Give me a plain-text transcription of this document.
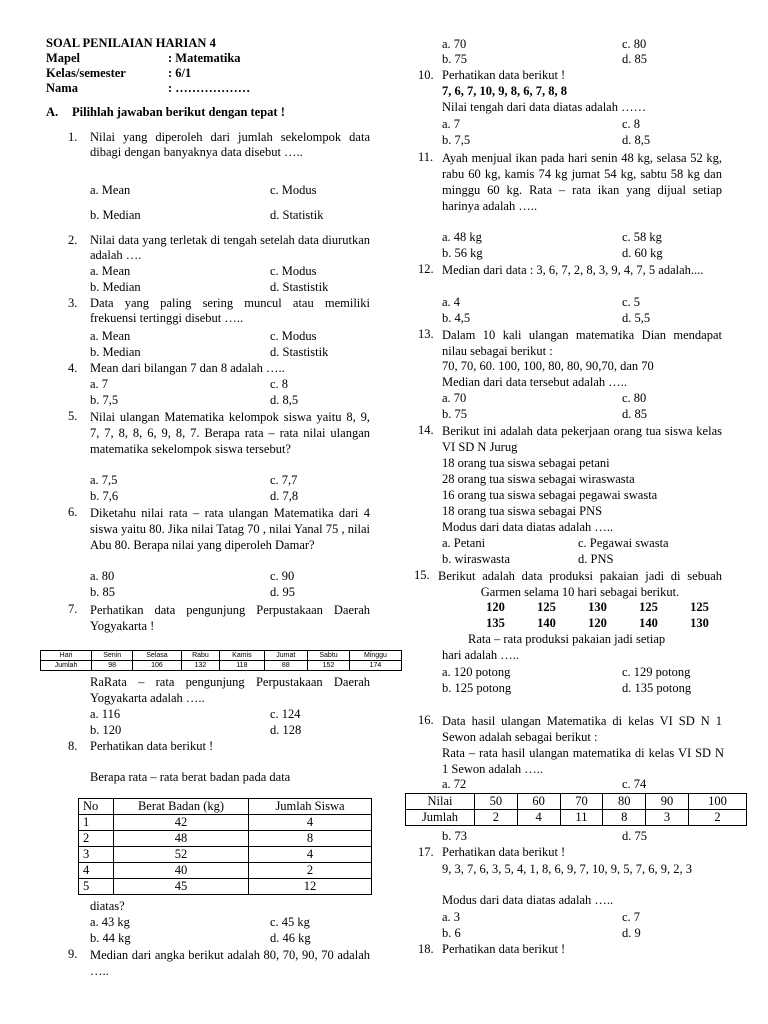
SOAL PENILAIAN HARIAN 4
Mapel	: Matematika
Kelas/semester	: 6/1
Nama	: ………………
A. Pilihlah jawaban berikut dengan tepat !
1. Nilai yang diperoleh dari jumlah sekelompok data dibagi dengan banyaknya data disebut …..
a. Mean	c. Modus
b. Median	d. Statistik
2. Nilai data yang terletak di tengah setelah data diurutkan adalah ….
a. Mean	c. Modus
b. Median	d. Stastistik
3. Data yang paling sering muncul atau memiliki frekuensi tertinggi disebut …..
a. Mean	c. Modus
b. Median	d. Stastistik
4. Mean dari bilangan 7 dan 8 adalah …..
a. 7	c. 8
b. 7,5	d. 8,5
5. Nilai ulangan Matematika kelompok siswa yaitu 8, 9, 7, 7, 8, 8, 6, 9, 8, 7. Berapa rata – rata nilai ulangan matematika sekelompok siswa tersebut?
a. 7,5	c. 7,7
b. 7,6	d. 7,8
6. Diketahu nilai rata – rata ulangan Matematika dari 4 siswa yaitu 80. Jika nilai Tatag 70 , nilai Yanal 75 , nilai Abu 80. Berapa nilai yang diperoleh Damar?
a. 80	c. 90
b. 85	d. 95
7. Perhatikan data pengunjung Perpustakaan Daerah Yogyakarta !
Hari	Senin	Selasa	Rabu	Kamis	Jumat	Sabtu	Minggu
Jumlah	98	106	132	118	88	152	174
RaRata – rata pengunjung Perpustakaan Daerah Yogyakarta adalah …..
a. 116	c. 124
b. 120	d. 128
8. Perhatikan data berikut !
Berapa rata – rata berat badan pada data
No	Berat Badan (kg)	Jumlah Siswa
1	42	4
2	48	8
3	52	4
4	40	2
5	45	12
diatas?
a. 43 kg	c. 45 kg
b. 44 kg	d. 46 kg
9. Median dari angka berikut adalah 80, 70, 90, 70 adalah …..
a. 70	c. 80
b. 75	d. 85
10. Perhatikan data berikut !
7, 6, 7, 10, 9, 8, 6, 7, 8, 8
Nilai tengah dari data diatas adalah ……
a. 7	c. 8
b. 7,5	d. 8,5
11. Ayah menjual ikan pada hari senin 48 kg, selasa 52 kg, rabu 60 kg, kamis 74 kg jumat 54 kg, sabtu 58 kg dan minggu 60 kg. Rata – rata ikan yang dijual setiap harinya adalah …..
a. 48 kg	c. 58 kg
b. 56 kg	d. 60 kg
12. Median dari data : 3, 6, 7, 2, 8, 3, 9, 4, 7, 5 adalah....
a. 4	c. 5
b. 4,5	d. 5,5
13. Dalam 10 kali ulangan matematika Dian mendapat nilau sebagai berikut :
70, 70, 60. 100, 100, 80, 80, 90,70, dan 70
Median dari data tersebut adalah …..
a. 70	c. 80
b. 75	d. 85
14. Berikut ini adalah data pekerjaan orang tua siswa kelas VI SD N Jurug
18 orang tua siswa sebagai petani
28 orang tua siswa sebagai wiraswasta
16 orang tua siswa sebagai pegawai swasta
18 orang tua siswa sebagai PNS
Modus dari data diatas adalah …..
a. Petani	c. Pegawai swasta
b. wiraswasta	d. PNS
15. Berikut adalah data produksi pakaian jadi di sebuah Garmen selama 10 hari sebagai berikut.
120	125	130	125	125
135	140	120	140	130
Rata – rata produksi pakaian jadi setiap
hari adalah …..
a. 120 potong	c. 129 potong
b. 125 potong	d. 135 potong
16. Data hasil ulangan Matematika di kelas VI SD N 1 Sewon adalah sebagai berikut :
Rata – rata hasil ulangan matematika di kelas VI SD N 1 Sewon adalah …..
a. 72	c. 74
Nilai	50	60	70	80	90	100
Jumlah	2	4	11	8	3	2
b. 73	d. 75
17. Perhatikan data berikut !
9, 3, 7, 6, 3, 5, 4, 1, 8, 6, 9, 7, 10, 9, 5, 7, 6, 9, 2, 3
Modus dari data diatas adalah …..
a. 3	c. 7
b. 6	d. 9
18. Perhatikan data berikut !
